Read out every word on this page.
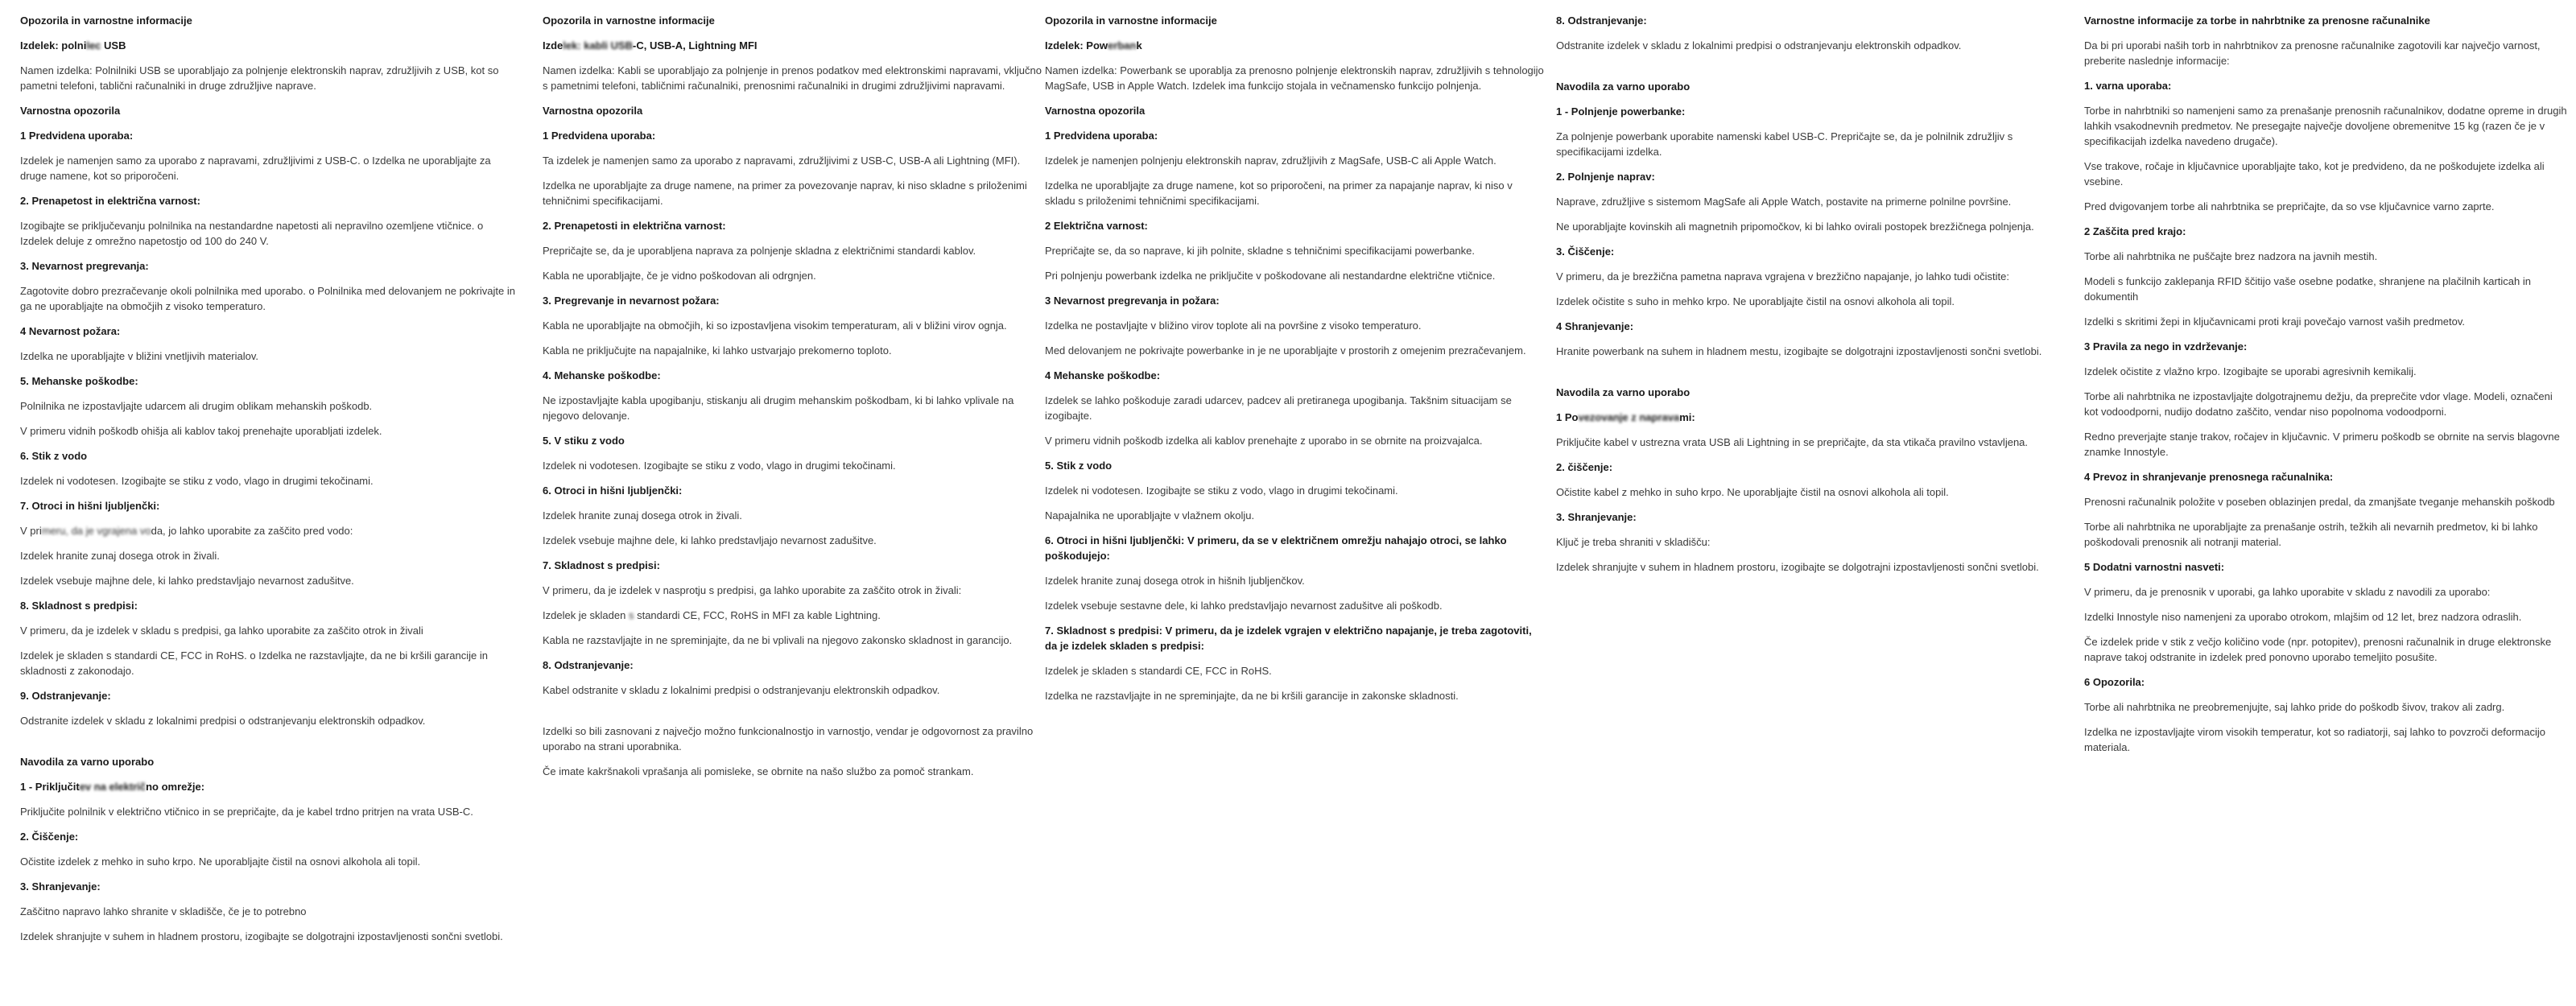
Opozorila in varnostne informacije
Izdelek: polnilec USB
Namen izdelka: Polnilniki USB se uporabljajo za polnjenje elektronskih naprav, združljivih z USB, kot so pametni telefoni, tablični računalniki in druge združljive naprave.
Varnostna opozorila
1 Predvidena uporaba:
Izdelek je namenjen samo za uporabo z napravami, združljivimi z USB-C. o Izdelka ne uporabljajte za druge namene, kot so priporočeni.
2. Prenapetost in električna varnost:
Izogibajte se priključevanju polnilnika na nestandardne napetosti ali nepravilno ozemljene vtičnice. o Izdelek deluje z omrežno napetostjo od 100 do 240 V.
3. Nevarnost pregrevanja:
Zagotovite dobro prezračevanje okoli polnilnika med uporabo. o Polnilnika med delovanjem ne pokrivajte in ga ne uporabljajte na območjih z visoko temperaturo.
4 Nevarnost požara:
Izdelka ne uporabljajte v bližini vnetljivih materialov.
5. Mehanske poškodbe:
Polnilnika ne izpostavljajte udarcem ali drugim oblikam mehanskih poškodb.
V primeru vidnih poškodb ohišja ali kablov takoj prenehajte uporabljati izdelek.
6. Stik z vodo
Izdelek ni vodotesen. Izogibajte se stiku z vodo, vlago in drugimi tekočinami.
7. Otroci in hišni ljubljenčki:
V primeru, da je vgrajena voda, jo lahko uporabite za zaščito pred vodo:
Izdelek hranite zunaj dosega otrok in živali.
Izdelek vsebuje majhne dele, ki lahko predstavljajo nevarnost zadušitve.
8. Skladnost s predpisi:
V primeru, da je izdelek v skladu s predpisi, ga lahko uporabite za zaščito otrok in živali
Izdelek je skladen s standardi CE, FCC in RoHS. o Izdelka ne razstavljajte, da ne bi kršili garancije in skladnosti z zakonodajo.
9. Odstranjevanje:
Odstranite izdelek v skladu z lokalnimi predpisi o odstranjevanju elektronskih odpadkov.
Navodila za varno uporabo
1 - Priključitev na električno omrežje:
Priključite polnilnik v električno vtičnico in se prepričajte, da je kabel trdno pritrjen na vrata USB-C.
2. Čiščenje:
Očistite izdelek z mehko in suho krpo. Ne uporabljajte čistil na osnovi alkohola ali topil.
3. Shranjevanje:
Zaščitno napravo lahko shranite v skladišče, če je to potrebno
Izdelek shranjujte v suhem in hladnem prostoru, izogibajte se dolgotrajni izpostavljenosti sončni svetlobi.
Opozorila in varnostne informacije
Izdelek: kabli USB-C, USB-A, Lightning MFI
Namen izdelka: Kabli se uporabljajo za polnjenje in prenos podatkov med elektronskimi napravami, vključno s pametnimi telefoni, tabličnimi računalniki, prenosnimi računalniki in drugimi združljivimi napravami.
Varnostna opozorila
1 Predvidena uporaba:
Ta izdelek je namenjen samo za uporabo z napravami, združljivimi z USB-C, USB-A ali Lightning (MFI).
Izdelka ne uporabljajte za druge namene, na primer za povezovanje naprav, ki niso skladne s priloženimi tehničnimi specifikacijami.
2. Prenapetosti in električna varnost:
Prepričajte se, da je uporabljena naprava za polnjenje skladna z električnimi standardi kablov.
Kabla ne uporabljajte, če je vidno poškodovan ali odrgnjen.
3. Pregrevanje in nevarnost požara:
Kabla ne uporabljajte na območjih, ki so izpostavljena visokim temperaturam, ali v bližini virov ognja.
Kabla ne priključujte na napajalnike, ki lahko ustvarjajo prekomerno toploto.
4. Mehanske poškodbe:
Ne izpostavljajte kabla upogibanju, stiskanju ali drugim mehanskim poškodbam, ki bi lahko vplivale na njegovo delovanje.
5. V stiku z vodo
Izdelek ni vodotesen. Izogibajte se stiku z vodo, vlago in drugimi tekočinami.
6. Otroci in hišni ljubljenčki:
Izdelek hranite zunaj dosega otrok in živali.
Izdelek vsebuje majhne dele, ki lahko predstavljajo nevarnost zadušitve.
7. Skladnost s predpisi:
V primeru, da je izdelek v nasprotju s predpisi, ga lahko uporabite za zaščito otrok in živali:
Izdelek je skladen s standardi CE, FCC, RoHS in MFI za kable Lightning.
Kabla ne razstavljajte in ne spreminjajte, da ne bi vplivali na njegovo zakonsko skladnost in garancijo.
8. Odstranjevanje:
Kabel odstranite v skladu z lokalnimi predpisi o odstranjevanju elektronskih odpadkov.
Izdelki so bili zasnovani z največjo možno funkcionalnostjo in varnostjo, vendar je odgovornost za pravilno uporabo na strani uporabnika.
Če imate kakršnakoli vprašanja ali pomisleke, se obrnite na našo službo za pomoč strankam.
Opozorila in varnostne informacije
Izdelek: Powerbank
Namen izdelka: Powerbank se uporablja za prenosno polnjenje elektronskih naprav, združljivih s tehnologijo MagSafe, USB in Apple Watch. Izdelek ima funkcijo stojala in večnamensko funkcijo polnjenja.
Varnostna opozorila
1 Predvidena uporaba:
Izdelek je namenjen polnjenju elektronskih naprav, združljivih z MagSafe, USB-C ali Apple Watch.
Izdelka ne uporabljajte za druge namene, kot so priporočeni, na primer za napajanje naprav, ki niso v skladu s priloženimi tehničnimi specifikacijami.
2 Električna varnost:
Prepričajte se, da so naprave, ki jih polnite, skladne s tehničnimi specifikacijami powerbanke.
Pri polnjenju powerbank izdelka ne priključite v poškodovane ali nestandardne električne vtičnice.
3 Nevarnost pregrevanja in požara:
Izdelka ne postavljajte v bližino virov toplote ali na površine z visoko temperaturo.
Med delovanjem ne pokrivajte powerbanke in je ne uporabljajte v prostorih z omejenim prezračevanjem.
4 Mehanske poškodbe:
Izdelek se lahko poškoduje zaradi udarcev, padcev ali pretiranega upogibanja. Takšnim situacijam se izogibajte.
V primeru vidnih poškodb izdelka ali kablov prenehajte z uporabo in se obrnite na proizvajalca.
5. Stik z vodo
Izdelek ni vodotesen. Izogibajte se stiku z vodo, vlago in drugimi tekočinami.
Napajalnika ne uporabljajte v vlažnem okolju.
6. Otroci in hišni ljubljenčki: V primeru, da se v električnem omrežju nahajajo otroci, se lahko poškodujejo:
Izdelek hranite zunaj dosega otrok in hišnih ljubljenčkov.
Izdelek vsebuje sestavne dele, ki lahko predstavljajo nevarnost zadušitve ali poškodb.
7. Skladnost s predpisi: V primeru, da je izdelek vgrajen v električno napajanje, je treba zagotoviti, da je izdelek skladen s predpisi:
Izdelek je skladen s standardi CE, FCC in RoHS.
Izdelka ne razstavljajte in ne spreminjajte, da ne bi kršili garancije in zakonske skladnosti.
8. Odstranjevanje:
Odstranite izdelek v skladu z lokalnimi predpisi o odstranjevanju elektronskih odpadkov.
Navodila za varno uporabo
1 - Polnjenje powerbanke:
Za polnjenje powerbank uporabite namenski kabel USB-C. Prepričajte se, da je polnilnik združljiv s specifikacijami izdelka.
2. Polnjenje naprav:
Naprave, združljive s sistemom MagSafe ali Apple Watch, postavite na primerne polnilne površine.
Ne uporabljajte kovinskih ali magnetnih pripomočkov, ki bi lahko ovirali postopek brezžičnega polnjenja.
3. Čiščenje:
V primeru, da je brezžična pametna naprava vgrajena v brezžično napajanje, jo lahko tudi očistite:
Izdelek očistite s suho in mehko krpo. Ne uporabljajte čistil na osnovi alkohola ali topil.
4 Shranjevanje:
Hranite powerbank na suhem in hladnem mestu, izogibajte se dolgotrajni izpostavljenosti sončni svetlobi.
Navodila za varno uporabo
1 Povezovanje z napravami:
Priključite kabel v ustrezna vrata USB ali Lightning in se prepričajte, da sta vtikača pravilno vstavljena.
2. čiščenje:
Očistite kabel z mehko in suho krpo. Ne uporabljajte čistil na osnovi alkohola ali topil.
3. Shranjevanje:
Ključ je treba shraniti v skladišču:
Izdelek shranjujte v suhem in hladnem prostoru, izogibajte se dolgotrajni izpostavljenosti sončni svetlobi.
Varnostne informacije za torbe in nahrbtnike za prenosne računalnike
Da bi pri uporabi naših torb in nahrbtnikov za prenosne računalnike zagotovili kar največjo varnost, preberite naslednje informacije:
1. varna uporaba:
Torbe in nahrbtniki so namenjeni samo za prenašanje prenosnih računalnikov, dodatne opreme in drugih lahkih vsakodnevnih predmetov. Ne presegajte največje dovoljene obremenitve 15 kg (razen če je v specifikacijah izdelka navedeno drugače).
Vse trakove, ročaje in ključavnice uporabljajte tako, kot je predvideno, da ne poškodujete izdelka ali vsebine.
Pred dvigovanjem torbe ali nahrbtnika se prepričajte, da so vse ključavnice varno zaprte.
2 Zaščita pred krajo:
Torbe ali nahrbtnika ne puščajte brez nadzora na javnih mestih.
Modeli s funkcijo zaklepanja RFID ščitijo vaše osebne podatke, shranjene na plačilnih karticah in dokumentih
Izdelki s skritimi žepi in ključavnicami proti kraji povečajo varnost vaših predmetov.
3 Pravila za nego in vzdrževanje:
Izdelek očistite z vlažno krpo. Izogibajte se uporabi agresivnih kemikalij.
Torbe ali nahrbtnika ne izpostavljajte dolgotrajnemu dežju, da preprečite vdor vlage. Modeli, označeni kot vodoodporni, nudijo dodatno zaščito, vendar niso popolnoma vodoodporni.
Redno preverjajte stanje trakov, ročajev in ključavnic. V primeru poškodb se obrnite na servis blagovne znamke Innostyle.
4 Prevoz in shranjevanje prenosnega računalnika:
Prenosni računalnik položite v poseben oblazinjen predal, da zmanjšate tveganje mehanskih poškodb
Torbe ali nahrbtnika ne uporabljajte za prenašanje ostrih, težkih ali nevarnih predmetov, ki bi lahko poškodovali prenosnik ali notranji material.
5 Dodatni varnostni nasveti:
V primeru, da je prenosnik v uporabi, ga lahko uporabite v skladu z navodili za uporabo:
Izdelki Innostyle niso namenjeni za uporabo otrokom, mlajšim od 12 let, brez nadzora odraslih.
Če izdelek pride v stik z večjo količino vode (npr. potopitev), prenosni računalnik in druge elektronske naprave takoj odstranite in izdelek pred ponovno uporabo temeljito posušite.
6 Opozorila:
Torbe ali nahrbtnika ne preobremenjujte, saj lahko pride do poškodb šivov, trakov ali zadrg.
Izdelka ne izpostavljajte virom visokih temperatur, kot so radiatorji, saj lahko to povzroči deformacijo materiala.
